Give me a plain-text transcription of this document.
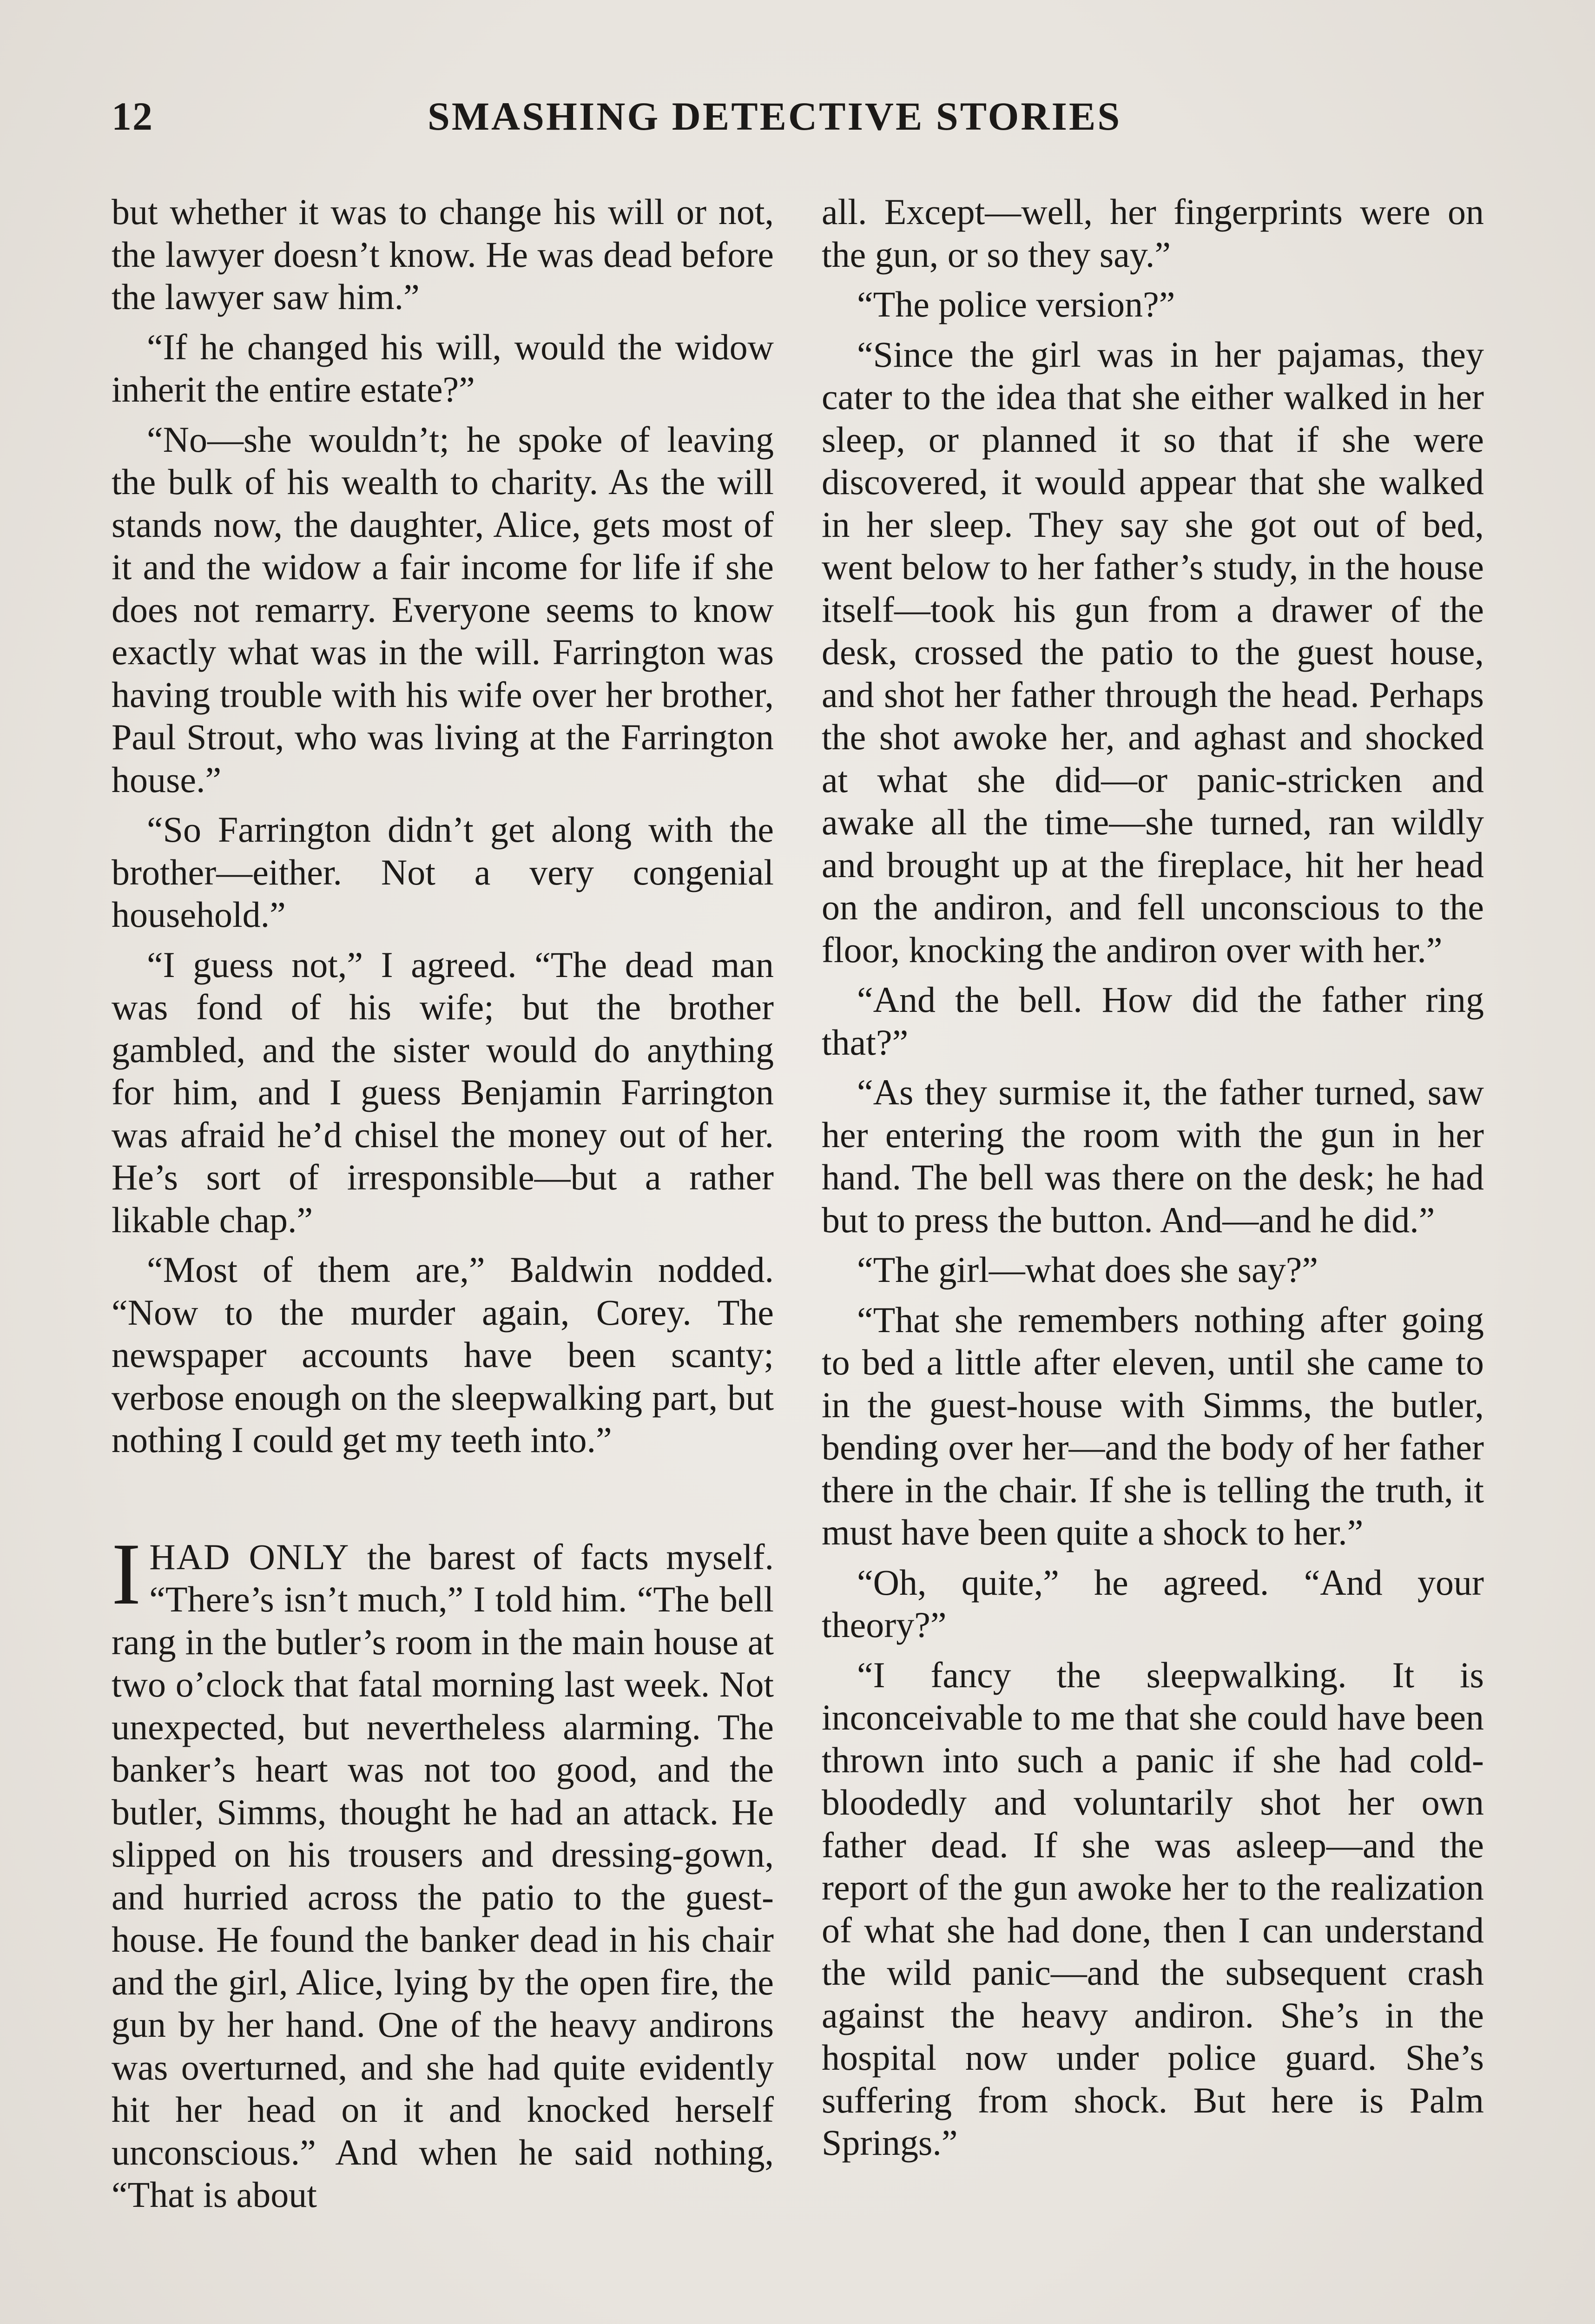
12	SMASHING DETECTIVE STORIES

but whether it was to change his will or not, the lawyer doesn’t know. He was dead before the lawyer saw him.”

“If he changed his will, would the widow inherit the entire estate?”

“No—she wouldn’t; he spoke of leaving the bulk of his wealth to charity. As the will stands now, the daughter, Alice, gets most of it and the widow a fair income for life if she does not remarry. Everyone seems to know exactly what was in the will. Farrington was having trouble with his wife over her brother, Paul Strout, who was living at the Farrington house.”

“So Farrington didn’t get along with the brother—either. Not a very congenial household.”

“I guess not,” I agreed. “The dead man was fond of his wife; but the brother gambled, and the sister would do anything for him, and I guess Benjamin Farrington was afraid he’d chisel the money out of her. He’s sort of irresponsible—but a rather likable chap.”

“Most of them are,” Baldwin nodded. “Now to the murder again, Corey. The newspaper accounts have been scanty; verbose enough on the sleepwalking part, but nothing I could get my teeth into.”

IHAD ONLY the barest of facts myself. “There’s isn’t much,” I told him. “The bell rang in the butler’s room in the main house at two o’clock that fatal morning last week. Not unexpected, but nevertheless alarming. The banker’s heart was not too good, and the butler, Simms, thought he had an attack. He slipped on his trousers and dressing-gown, and hurried across the patio to the guest-house. He found the banker dead in his chair and the girl, Alice, lying by the open fire, the gun by her hand. One of the heavy andirons was overturned, and she had quite evidently hit her head on it and knocked herself unconscious.” And when he said nothing, “That is about

all. Except—well, her fingerprints were on the gun, or so they say.”

“The police version?”

“Since the girl was in her pajamas, they cater to the idea that she either walked in her sleep, or planned it so that if she were discovered, it would appear that she walked in her sleep. They say she got out of bed, went below to her father’s study, in the house itself—took his gun from a drawer of the desk, crossed the patio to the guest house, and shot her father through the head. Perhaps the shot awoke her, and aghast and shocked at what she did—or panic-stricken and awake all the time—she turned, ran wildly and brought up at the fireplace, hit her head on the andiron, and fell unconscious to the floor, knocking the andiron over with her.”

“And the bell. How did the father ring that?”

“As they surmise it, the father turned, saw her entering the room with the gun in her hand. The bell was there on the desk; he had but to press the button. And—and he did.”

“The girl—what does she say?”

“That she remembers nothing after going to bed a little after eleven, until she came to in the guest-house with Simms, the butler, bending over her—and the body of her father there in the chair. If she is telling the truth, it must have been quite a shock to her.”

“Oh, quite,” he agreed. “And your theory?”

“I fancy the sleepwalking. It is inconceivable to me that she could have been thrown into such a panic if she had cold-bloodedly and voluntarily shot her own father dead. If she was asleep—and the report of the gun awoke her to the realization of what she had done, then I can understand the wild panic—and the subsequent crash against the heavy andiron. She’s in the hospital now under police guard. She’s suffering from shock. But here is Palm Springs.”
